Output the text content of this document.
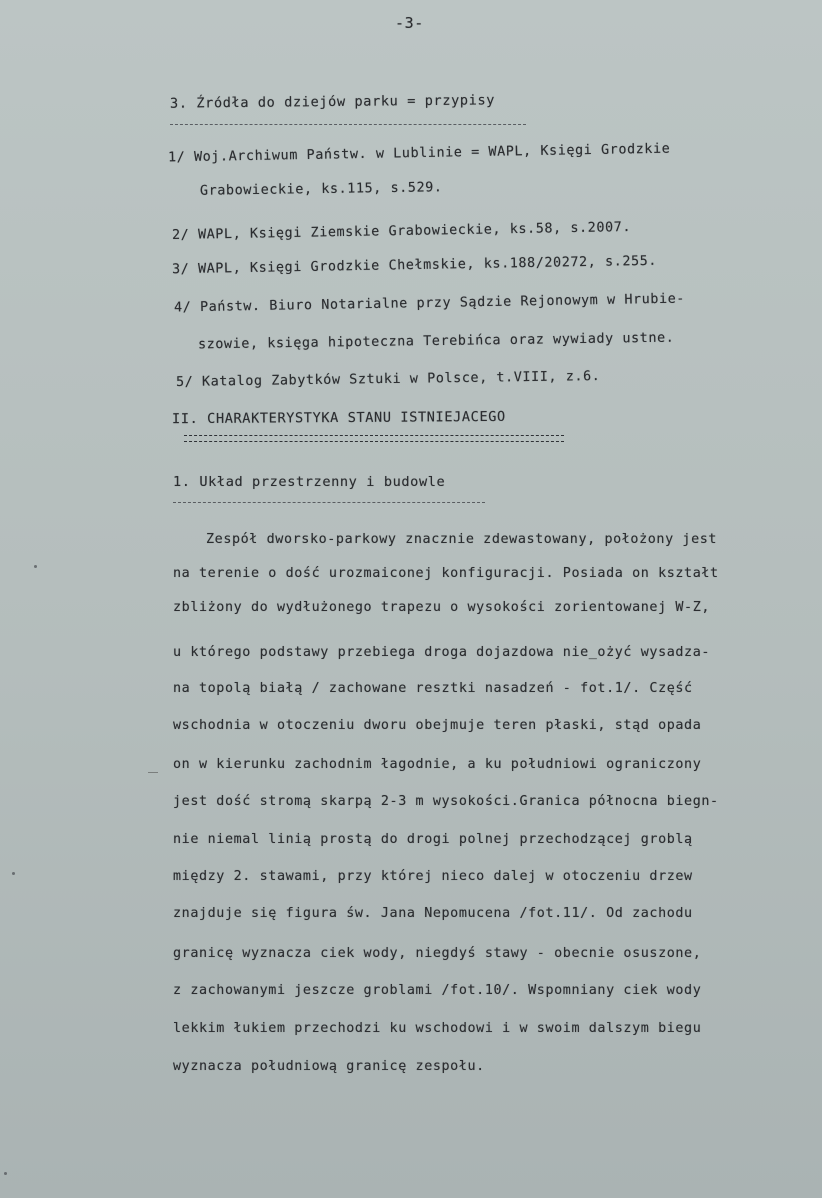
-3-
3. Źródła do dziejów parku = przypisy
1/ Woj.Archiwum Państw. w Lublinie = WAPL, Księgi Grodzkie
Grabowieckie, ks.115, s.529.
2/ WAPL, Księgi Ziemskie Grabowieckie, ks.58, s.2007.
3/ WAPL, Księgi Grodzkie Chełmskie, ks.188/20272, s.255.
4/ Państw. Biuro Notarialne przy Sądzie Rejonowym w Hrubie-
szowie, księga hipoteczna Terebińca oraz wywiady ustne.
5/ Katalog Zabytków Sztuki w Polsce, t.VIII, z.6.
II. CHARAKTERYSTYKA STANU ISTNIEJACEGO
1. Układ przestrzenny i budowle
Zespół dworsko-parkowy znacznie zdewastowany, położony jest
na terenie o dość urozmaiconej konfiguracji. Posiada on kształt
zbliżony do wydłużonego trapezu o wysokości zorientowanej W-Z,
u którego podstawy przebiega droga dojazdowa nie_ożyć wysadza-
na topolą białą / zachowane resztki nasadzeń - fot.1/. Część
wschodnia w otoczeniu dworu obejmuje teren płaski, stąd opada
on w kierunku zachodnim łagodnie, a ku południowi ograniczony
jest dość stromą skarpą 2-3 m wysokości.Granica północna biegn-
nie niemal linią prostą do drogi polnej przechodzącej groblą
między 2. stawami, przy której nieco dalej w otoczeniu drzew
znajduje się figura św. Jana Nepomucena /fot.11/. Od zachodu
granicę wyznacza ciek wody, niegdyś stawy - obecnie osuszone,
z zachowanymi jeszcze groblami /fot.10/. Wspomniany ciek wody
lekkim łukiem przechodzi ku wschodowi i w swoim dalszym biegu
wyznacza południową granicę zespołu.
